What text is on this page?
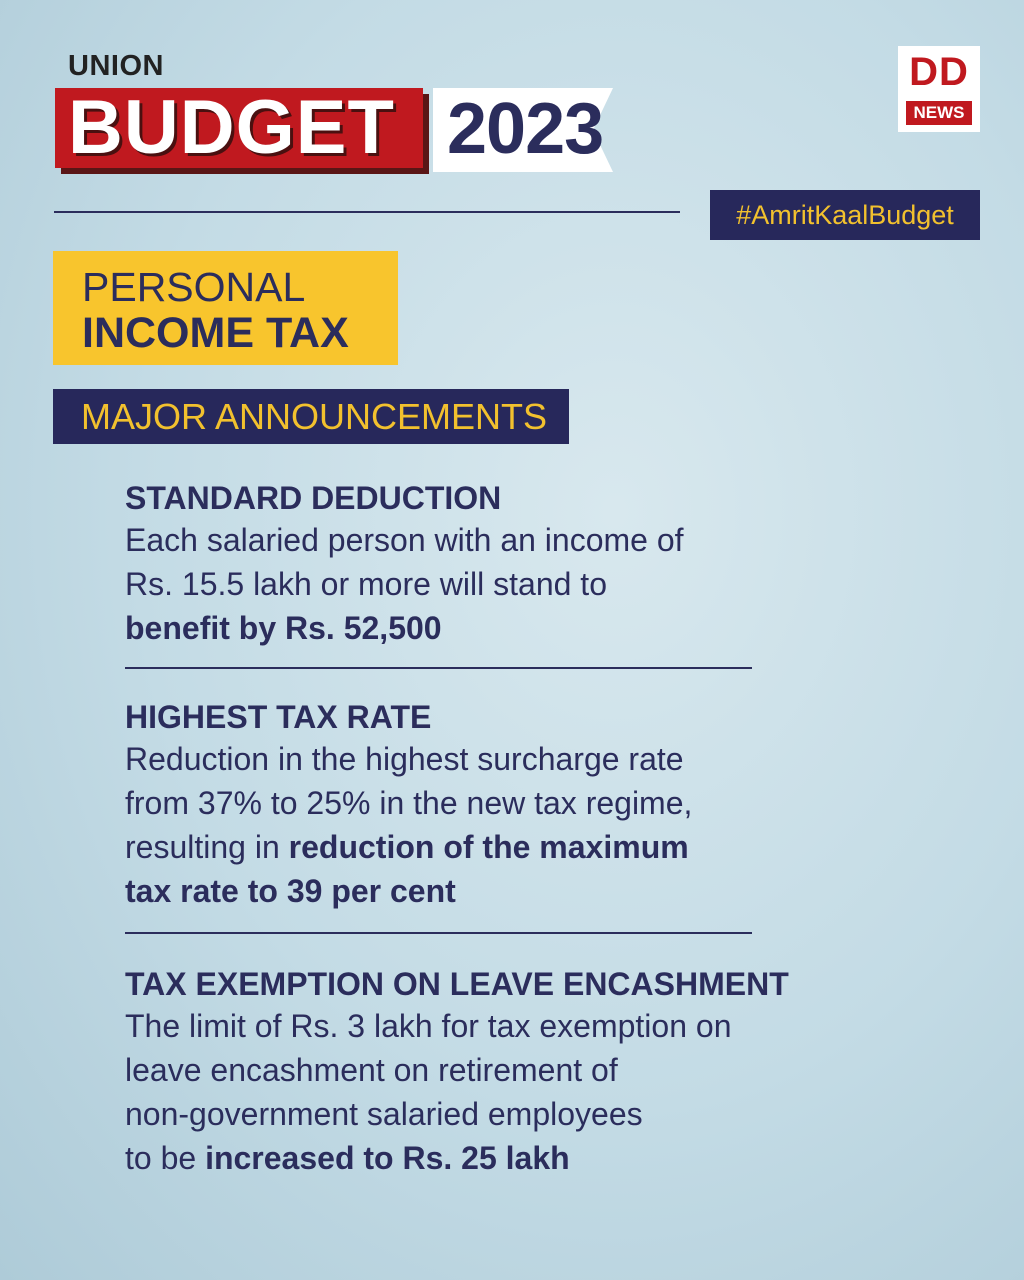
UNION
BUDGET 2023
DD
NEWS
#AmritKaalBudget
PERSONAL
INCOME TAX
MAJOR ANNOUNCEMENTS
STANDARD DEDUCTION
Each salaried person with an income of
Rs. 15.5 lakh or more will stand to
benefit by Rs. 52,500
HIGHEST TAX RATE
Reduction in the highest surcharge rate
from 37% to 25% in the new tax regime,
resulting in reduction of the maximum
tax rate to 39 per cent
TAX EXEMPTION ON LEAVE ENCASHMENT
The limit of Rs. 3 lakh for tax exemption on
leave encashment on retirement of
non-government salaried employees
to be increased to Rs. 25 lakh
